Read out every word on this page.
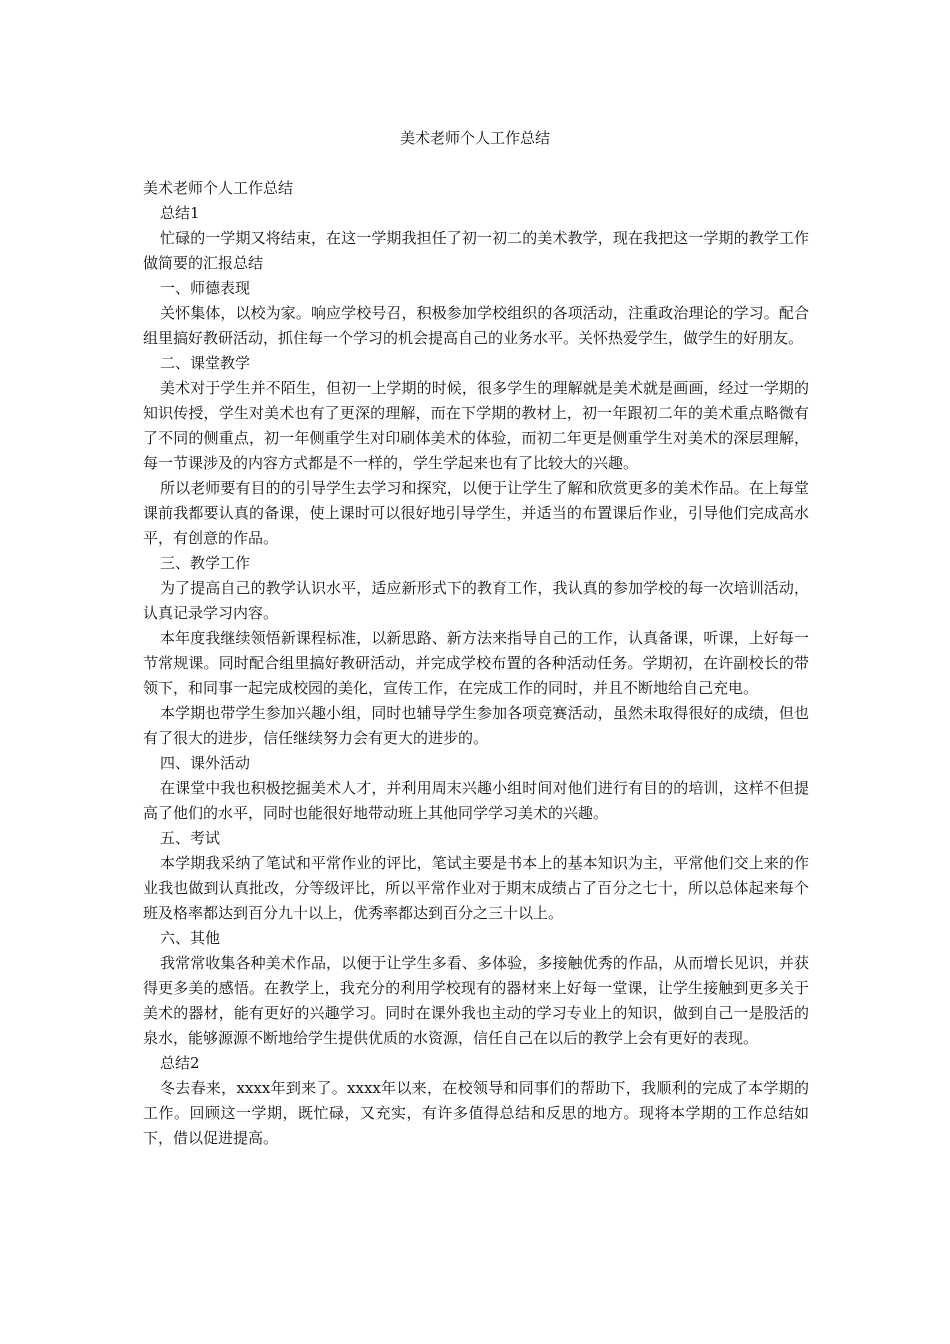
美术老师个人工作总结

美术老师个人工作总结

总结1

忙碌的一学期又将结束，在这一学期我担任了初一初二的美术教学，现在我把这一学期的教学工作做简要的汇报总结

一、师德表现

关怀集体，以校为家。响应学校号召，积极参加学校组织的各项活动，注重政治理论的学习。配合组里搞好教研活动，抓住每一个学习的机会提高自己的业务水平。关怀热爱学生，做学生的好朋友。

二、课堂教学

美术对于学生并不陌生，但初一上学期的时候，很多学生的理解就是美术就是画画，经过一学期的知识传授，学生对美术也有了更深的理解，而在下学期的教材上，初一年跟初二年的美术重点略微有了不同的侧重点，初一年侧重学生对印刷体美术的体验，而初二年更是侧重学生对美术的深层理解，每一节课涉及的内容方式都是不一样的，学生学起来也有了比较大的兴趣。

所以老师要有目的的引导学生去学习和探究，以便于让学生了解和欣赏更多的美术作品。在上每堂课前我都要认真的备课，使上课时可以很好地引导学生，并适当的布置课后作业，引导他们完成高水平，有创意的作品。

三、教学工作

为了提高自己的教学认识水平，适应新形式下的教育工作，我认真的参加学校的每一次培训活动，认真记录学习内容。

本年度我继续领悟新课程标准，以新思路、新方法来指导自己的工作，认真备课，听课，上好每一节常规课。同时配合组里搞好教研活动，并完成学校布置的各种活动任务。学期初，在许副校长的带领下，和同事一起完成校园的美化，宣传工作，在完成工作的同时，并且不断地给自己充电。

本学期也带学生参加兴趣小组，同时也辅导学生参加各项竞赛活动，虽然未取得很好的成绩，但也有了很大的进步，信任继续努力会有更大的进步的。

四、课外活动

在课堂中我也积极挖掘美术人才，并利用周末兴趣小组时间对他们进行有目的的培训，这样不但提高了他们的水平，同时也能很好地带动班上其他同学学习美术的兴趣。

五、考试

本学期我采纳了笔试和平常作业的评比，笔试主要是书本上的基本知识为主，平常他们交上来的作业我也做到认真批改，分等级评比，所以平常作业对于期末成绩占了百分之七十，所以总体起来每个班及格率都达到百分九十以上，优秀率都达到百分之三十以上。

六、其他

我常常收集各种美术作品，以便于让学生多看、多体验，多接触优秀的作品，从而增长见识，并获得更多美的感悟。在教学上，我充分的利用学校现有的器材来上好每一堂课，让学生接触到更多关于美术的器材，能有更好的兴趣学习。同时在课外我也主动的学习专业上的知识，做到自己一是股活的泉水，能够源源不断地给学生提供优质的水资源，信任自己在以后的教学上会有更好的表现。

总结2

冬去春来，xxxx年到来了。xxxx年以来，在校领导和同事们的帮助下，我顺利的完成了本学期的工作。回顾这一学期，既忙碌，又充实，有许多值得总结和反思的地方。现将本学期的工作总结如下，借以促进提高。
